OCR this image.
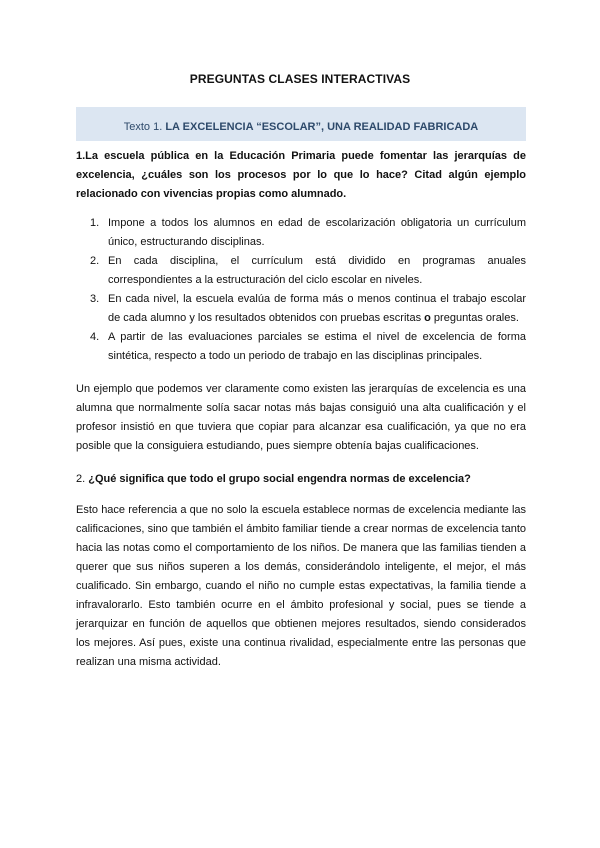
PREGUNTAS CLASES INTERACTIVAS
Texto 1. LA EXCELENCIA “ESCOLAR”, UNA REALIDAD FABRICADA
1.La escuela pública en la Educación Primaria puede fomentar las jerarquías de excelencia, ¿cuáles son los procesos por lo que lo hace? Citad algún ejemplo relacionado con vivencias propias como alumnado.
1. Impone a todos los alumnos en edad de escolarización obligatoria un currículum único, estructurando disciplinas.
2. En cada disciplina, el currículum está dividido en programas anuales correspondientes a la estructuración del ciclo escolar en niveles.
3. En cada nivel, la escuela evalúa de forma más o menos continua el trabajo escolar de cada alumno y los resultados obtenidos con pruebas escritas o preguntas orales.
4. A partir de las evaluaciones parciales se estima el nivel de excelencia de forma sintética, respecto a todo un periodo de trabajo en las disciplinas principales.
Un ejemplo que podemos ver claramente como existen las jerarquías de excelencia es una alumna que normalmente solía sacar notas más bajas consiguió una alta cualificación y el profesor insistió en que tuviera que copiar para alcanzar esa cualificación, ya que no era posible que la consiguiera estudiando, pues siempre obtenía bajas cualificaciones.
2. ¿Qué significa que todo el grupo social engendra normas de excelencia?
Esto hace referencia a que no solo la escuela establece normas de excelencia mediante las calificaciones, sino que también el ámbito familiar tiende a crear normas de excelencia tanto hacia las notas como el comportamiento de los niños. De manera que las familias tienden a querer que sus niños superen a los demás, considerándolo inteligente, el mejor, el más cualificado. Sin embargo, cuando el niño no cumple estas expectativas, la familia tiende a infravalorarlo. Esto también ocurre en el ámbito profesional y social, pues se tiende a jerarquizar en función de aquellos que obtienen mejores resultados, siendo considerados los mejores. Así pues, existe una continua rivalidad, especialmente entre las personas que realizan una misma actividad.
